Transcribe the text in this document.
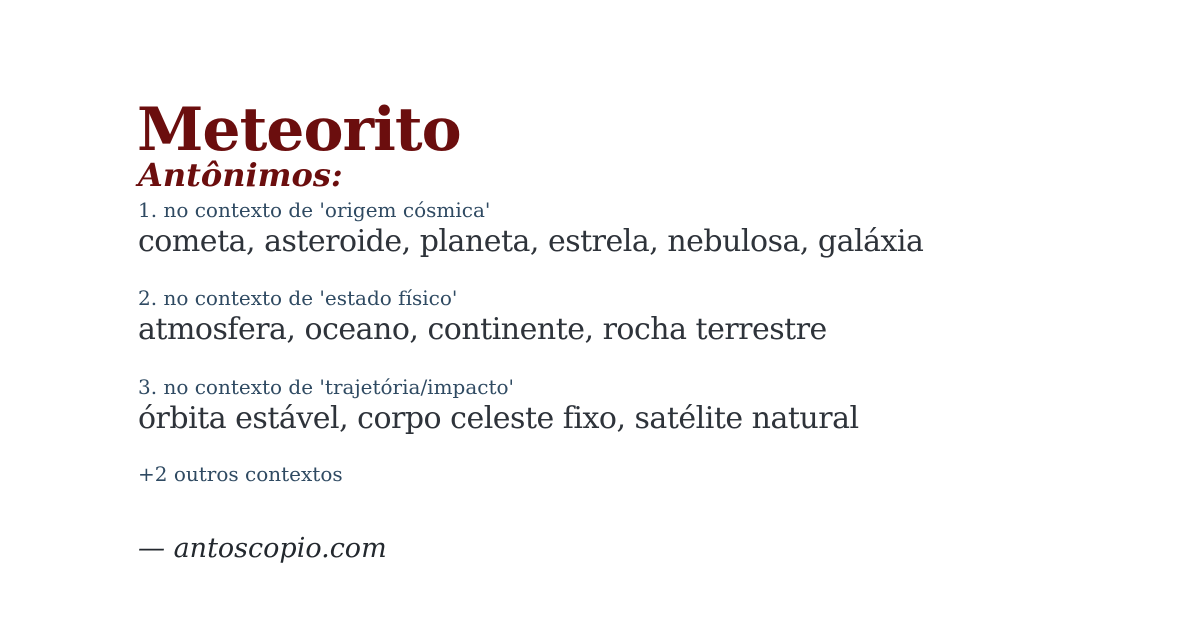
Meteorito
Antônimos:
1. no contexto de 'origem cósmica'
cometa, asteroide, planeta, estrela, nebulosa, galáxia
2. no contexto de 'estado físico'
atmosfera, oceano, continente, rocha terrestre
3. no contexto de 'trajetória/impacto'
órbita estável, corpo celeste fixo, satélite natural
+2 outros contextos
— antoscopio.com
